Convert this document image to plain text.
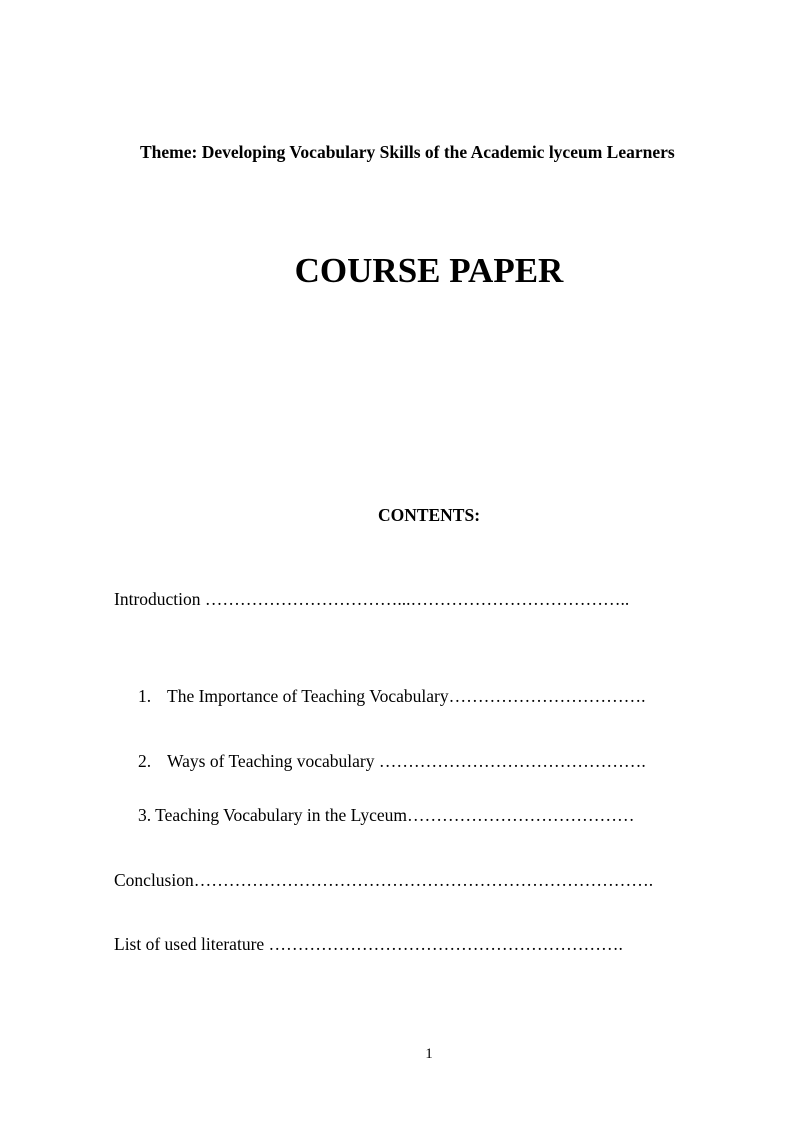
Theme: Developing Vocabulary Skills of the Academic lyceum Learners
COURSE PAPER
CONTENTS:
Introduction ……………………………...………………………………..
1. The Importance of Teaching Vocabulary…………………………….
2. Ways of Teaching vocabulary ……………………………………….
3. Teaching Vocabulary in the Lyceum…………………………………
Conclusion…………………………………………………………………….
List of used literature …………………………………………………….
1
